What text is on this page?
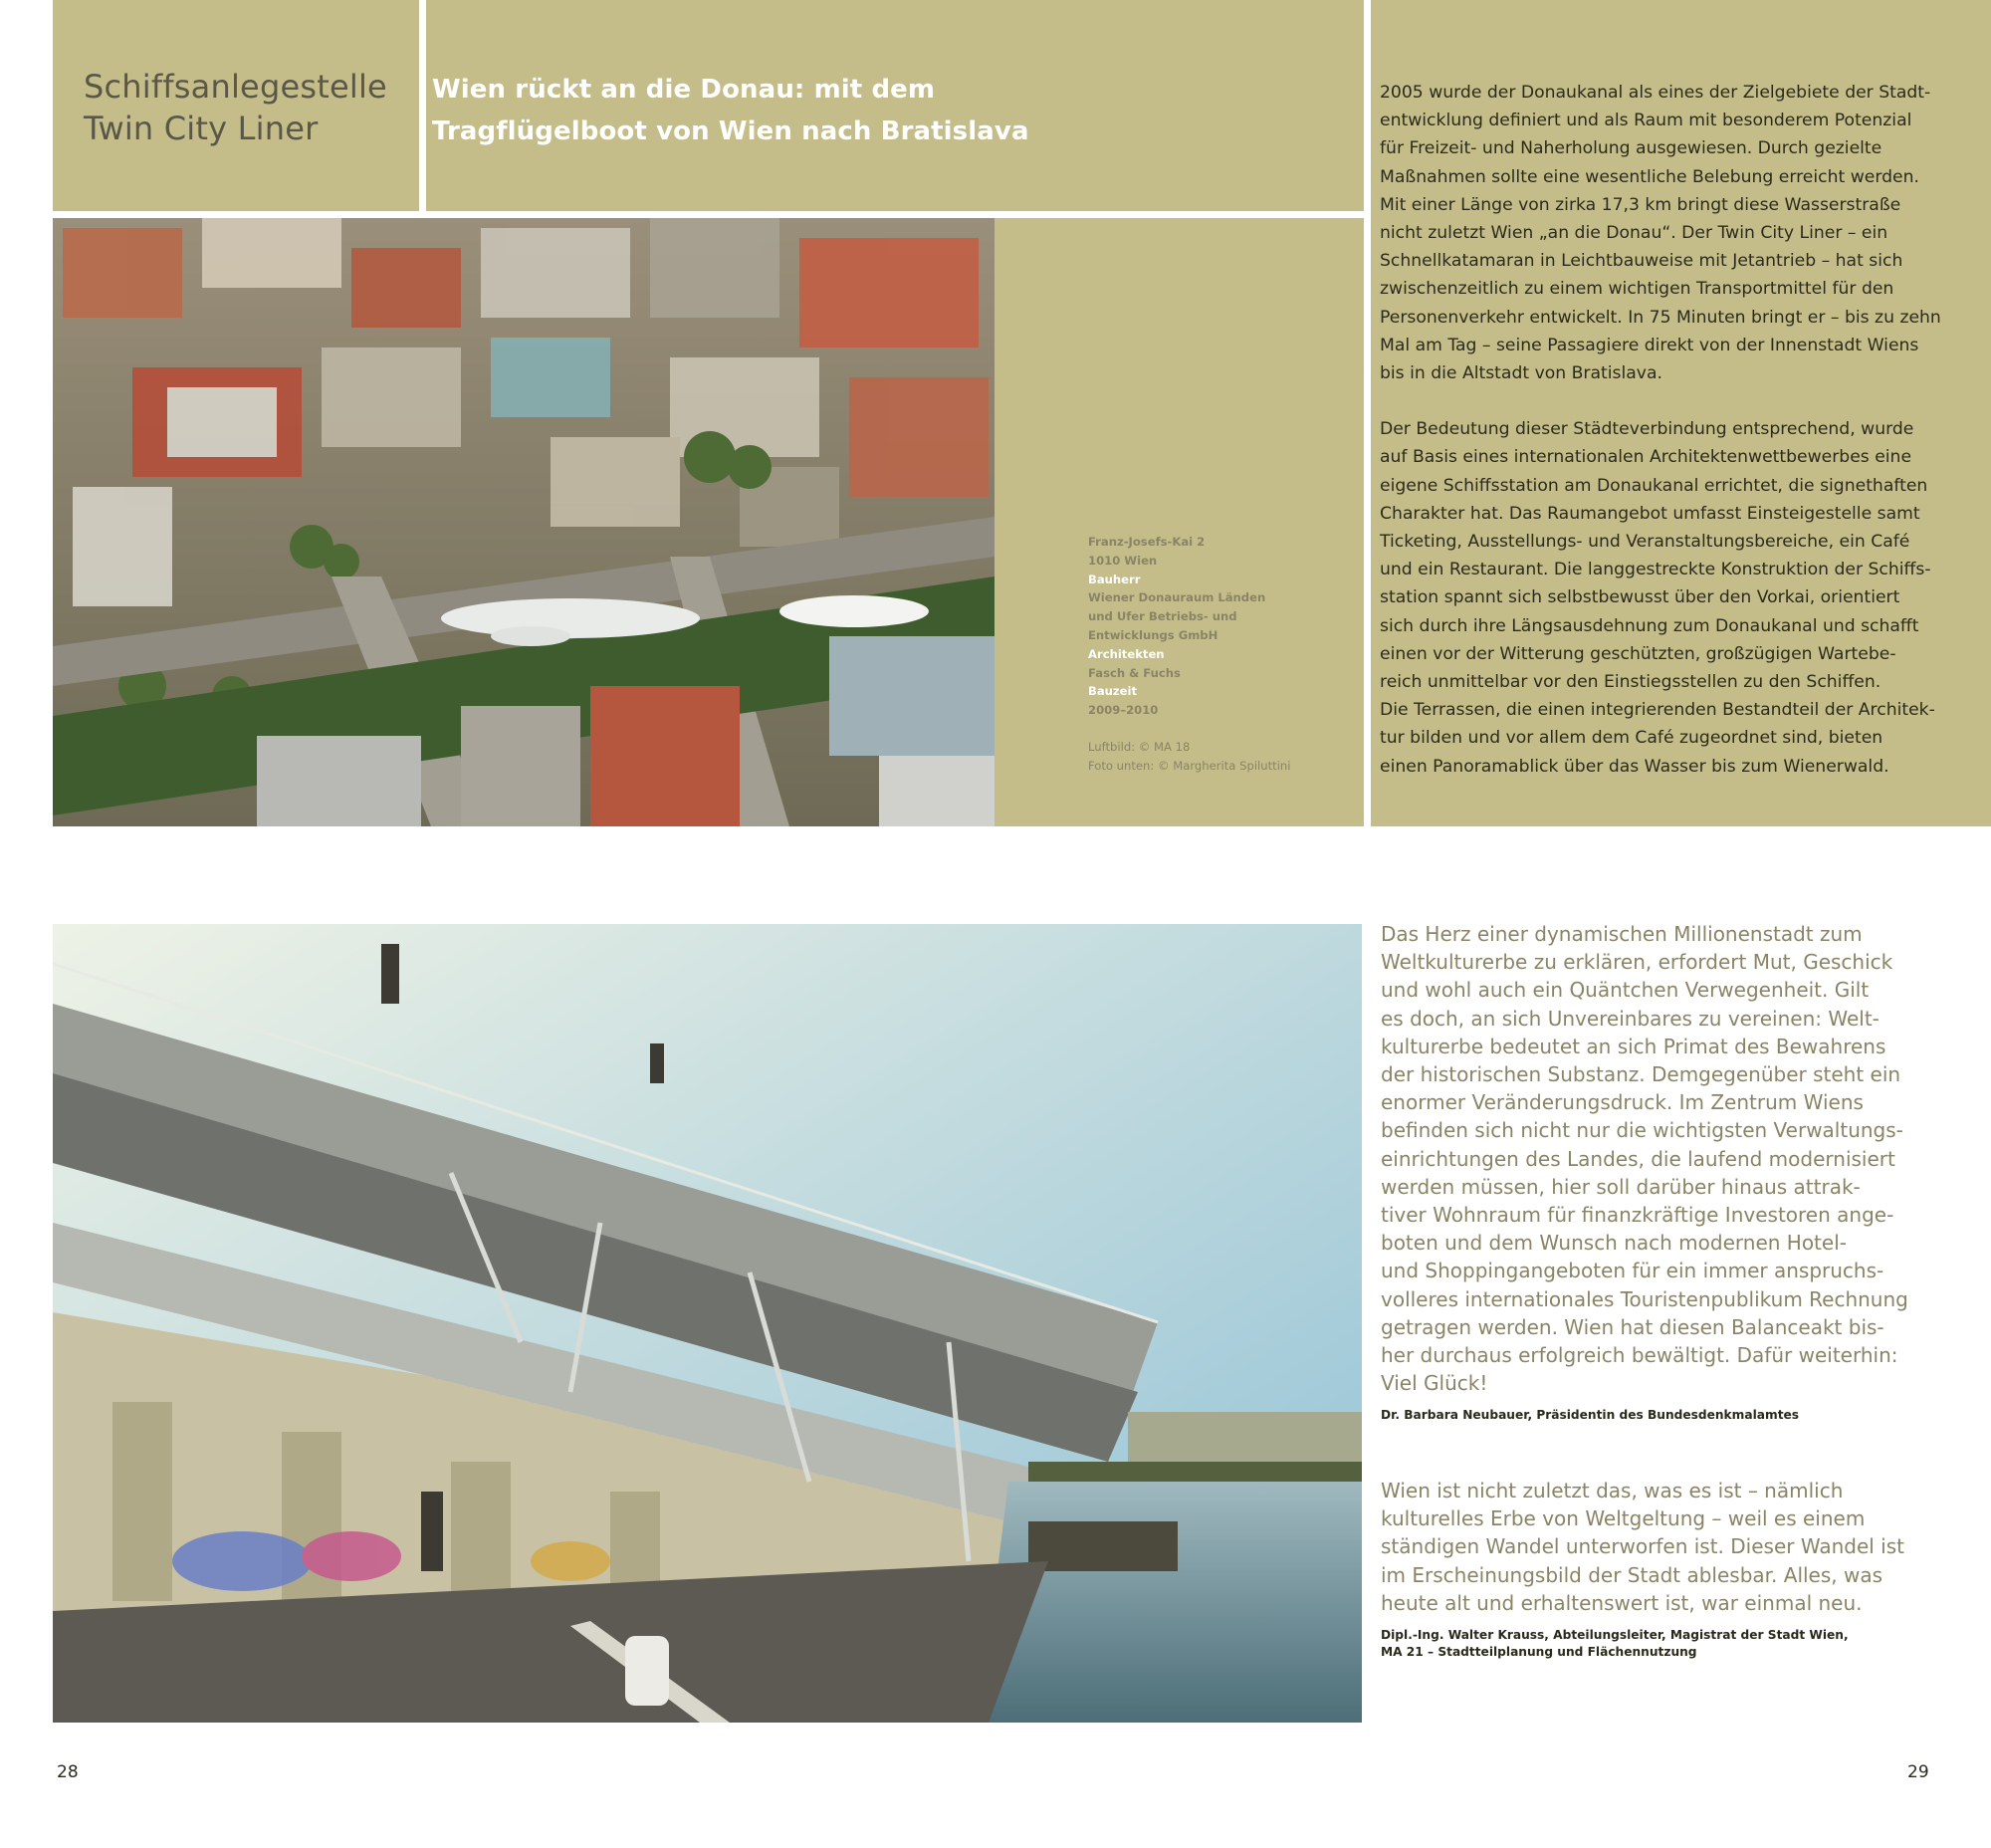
Schiffsanlegestelle
Twin City Liner
Wien rückt an die Donau: mit dem
Tragflügelboot von Wien nach Bratislava

2005 wurde der Donaukanal als eines der Zielgebiete der Stadt-
entwicklung definiert und als Raum mit besonderem Potenzial
für Freizeit- und Naherholung ausgewiesen. Durch gezielte
Maßnahmen sollte eine wesentliche Belebung erreicht werden.
Mit einer Länge von zirka 17,3 km bringt diese Wasserstraße
nicht zuletzt Wien „an die Donau“. Der Twin City Liner – ein
Schnellkatamaran in Leichtbauweise mit Jetantrieb – hat sich
zwischenzeitlich zu einem wichtigen Transportmittel für den
Personenverkehr entwickelt. In 75 Minuten bringt er – bis zu zehn
Mal am Tag – seine Passagiere direkt von der Innenstadt Wiens
bis in die Altstadt von Bratislava.

Der Bedeutung dieser Städteverbindung entsprechend, wurde
auf Basis eines internationalen Architektenwettbewerbes eine
eigene Schiffsstation am Donaukanal errichtet, die signethaften
Charakter hat. Das Raumangebot umfasst Einsteigestelle samt
Ticketing, Ausstellungs- und Veranstaltungsbereiche, ein Café
und ein Restaurant. Die langgestreckte Konstruktion der Schiffs-
station spannt sich selbstbewusst über den Vorkai, orientiert
sich durch ihre Längsausdehnung zum Donaukanal und schafft
einen vor der Witterung geschützten, großzügigen Wartebe-
reich unmittelbar vor den Einstiegsstellen zu den Schiffen.
Die Terrassen, die einen integrierenden Bestandteil der Architek-
tur bilden und vor allem dem Café zugeordnet sind, bieten
einen Panoramablick über das Wasser bis zum Wienerwald.

Franz-Josefs-Kai 2
1010 Wien
Bauherr
Wiener Donauraum Länden
und Ufer Betriebs- und
Entwicklungs GmbH
Architekten
Fasch & Fuchs
Bauzeit
2009–2010
Luftbild: © MA 18
Foto unten: © Margherita Spiluttini
Das Herz einer dynamischen Millionenstadt zum
Weltkulturerbe zu erklären, erfordert Mut, Geschick
und wohl auch ein Quäntchen Verwegenheit. Gilt
es doch, an sich Unvereinbares zu vereinen: Welt-
kulturerbe bedeutet an sich Primat des Bewahrens
der historischen Substanz. Demgegenüber steht ein
enormer Veränderungsdruck. Im Zentrum Wiens
befinden sich nicht nur die wichtigsten Verwaltungs-
einrichtungen des Landes, die laufend modernisiert
werden müssen, hier soll darüber hinaus attrak-
tiver Wohnraum für finanzkräftige Investoren ange-
boten und dem Wunsch nach modernen Hotel-
und Shoppingangeboten für ein immer anspruchs-
volleres internationales Touristenpublikum Rechnung
getragen werden. Wien hat diesen Balanceakt bis-
her durchaus erfolgreich bewältigt. Dafür weiterhin:
Viel Glück!
Dr. Barbara Neubauer, Präsidentin des Bundesdenkmalamtes
Wien ist nicht zuletzt das, was es ist – nämlich
kulturelles Erbe von Weltgeltung – weil es einem
ständigen Wandel unterworfen ist. Dieser Wandel ist
im Erscheinungsbild der Stadt ablesbar. Alles, was
heute alt und erhaltenswert ist, war einmal neu.
Dipl.-Ing. Walter Krauss, Abteilungsleiter, Magistrat der Stadt Wien,
MA 21 – Stadtteilplanung und Flächennutzung
28	29
